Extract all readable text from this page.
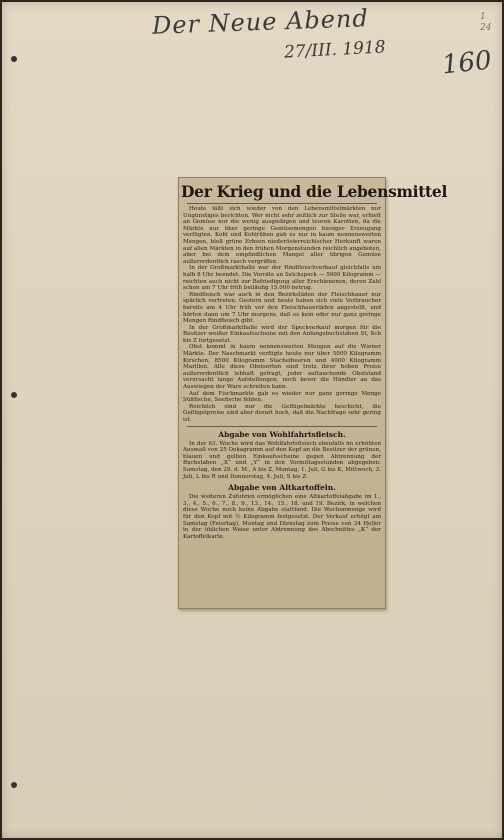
Der Neue Abend
27/III. 1918 160
1
24
Der Krieg und die Lebensmittel
Heute läßt sich wieder von den Lebensmittelmärkten nur Ungünstiges berichten. Wer nicht sehr zeitlich zur Stelle war, erhielt an Gemüse nur die wenig ausgiebigen und teuren Karotten, da die Märkte nur über geringe Gemüsemengen hiesiger Erzeugung verfügten. Kohl und Kohlrüben gab es nur in kaum nennenswerten Mengen, bloß grüne Erbsen niederösterreichischer Herkunft waren auf allen Märkten in den frühen Morgenstunden reichlich angeboten, aber bei dem empfindlichen Mangel aller übrigen Gemüse außerordentlich rasch vergriffen.
In der Großmarkthalle war der Rindfleischverkauf gleichfalls um halb 8 Uhr beendet. Die Vorräte an Selchspeck — 5000 Kilogramm — reichten auch nicht zur Befriedigung aller Erschienenen, deren Zahl schon um 7 Uhr früh beiläufig 15.000 betrug.
Rindfleisch war auch in den Bezirksläden der Fleischhauer nur spärlich vertreten. Gestern und heute haben sich viele Verbraucher bereits um 4 Uhr früh vor den Fleischhauerläden angestellt, und hörten dann um 7 Uhr morgens, daß es kein oder nur ganz geringe Mengen Rindfleisch gibt.
In der Großmarkthalle wird der Speckverkauf morgen für die Besitzer weißer Einkaufsscheine mit den Anfangsbuchstaben St, Sch bis Z fortgesetzt.
Obst kommt in kaum nennenswerten Mengen auf die Wiener Märkte. Der Naschmarkt verfügte heute nur über 5000 Kilogramm Kirschen, 8500 Kilogramm Stachelbeeren und 4000 Kilogramm Marillen. Alle diese Obstsorten sind trotz ihrer hohen Preise außerordentlich lebhaft gefragt, jeder auftauchende Obststand verursacht lange Aufstellungen, noch bevor die Händler an das Auswiegen der Ware schreiten kann.
Auf dem Fischmarkte gab es wieder nur ganz geringe Menge Süßfische, Seefische fehlen.
Reichlich sind nur die Geflügelmärkte beschickt, die Geflügelpreise sind aber derart hoch, daß die Nachfrage sehr gering ist.
Abgabe von Wohlfahrtsfleisch.
In der 63. Woche wird das Wohlfahrtsfleisch ebenfalls im erhöhten Ausmaß von 25 Dekagramm auf den Kopf an die Besitzer der grünen, blauen und gelben Einkaufsscheine gegen Abtrennung der Buchstaben „X“ und „Y“ in den Vormittagsstunden abgegeben: Samstag, den 29. d. M., A bis Z, Montag, 1. Juli, G bis K, Mittwoch, 3. Juli, L bis R und Donnerstag, 4. Juli, S bis Z.
Abgabe von Altkartoffeln.
Die weiteren Zufuhren ermöglichen eine Altkartoffelabgabe im 1., 3., 4., 5., 6., 7., 8., 9., 13., 14., 15., 18. und 19. Bezirk, in welchen diese Woche noch keine Abgabe stattfand. Die Wochenmenge wird für den Kopf mit ½ Kilogramm festgesetzt. Der Verkauf erfolgt am Samstag (Feiertag), Montag und Dienstag zum Preise von 34 Heller in der üblichen Weise unter Abtrennung des Abschnittes „K“ der Kartoffelkarte.
